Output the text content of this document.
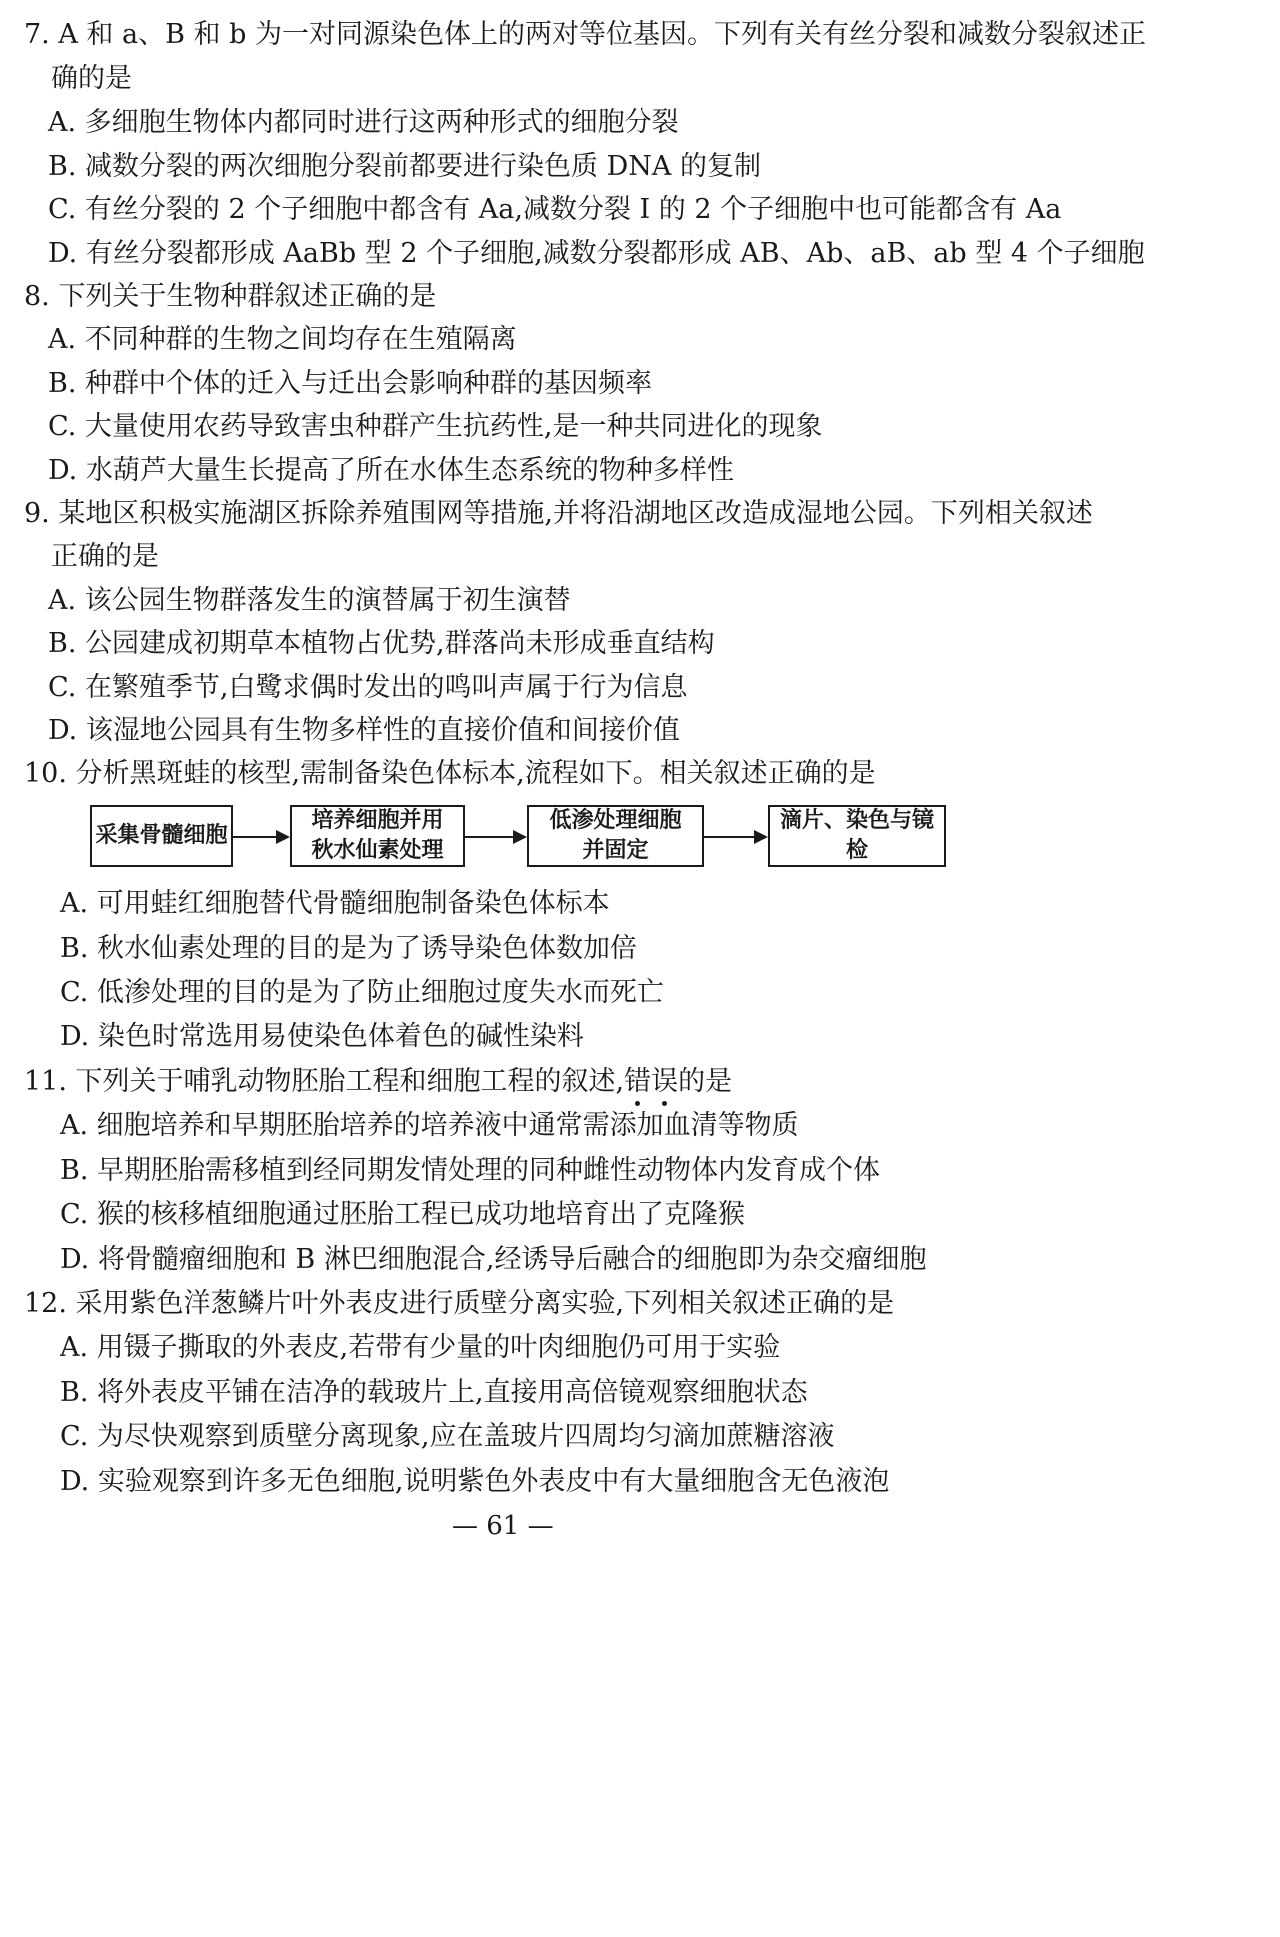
7. A 和 a、B 和 b 为一对同源染色体上的两对等位基因。下列有关有丝分裂和减数分裂叙述正
确的是
A. 多细胞生物体内都同时进行这两种形式的细胞分裂
B. 减数分裂的两次细胞分裂前都要进行染色质 DNA 的复制
C. 有丝分裂的 2 个子细胞中都含有 Aa,减数分裂 I 的 2 个子细胞中也可能都含有 Aa
D. 有丝分裂都形成 AaBb 型 2 个子细胞,减数分裂都形成 AB、Ab、aB、ab 型 4 个子细胞
8. 下列关于生物种群叙述正确的是
A. 不同种群的生物之间均存在生殖隔离
B. 种群中个体的迁入与迁出会影响种群的基因频率
C. 大量使用农药导致害虫种群产生抗药性,是一种共同进化的现象
D. 水葫芦大量生长提高了所在水体生态系统的物种多样性
9. 某地区积极实施湖区拆除养殖围网等措施,并将沿湖地区改造成湿地公园。下列相关叙述
正确的是
A. 该公园生物群落发生的演替属于初生演替
B. 公园建成初期草本植物占优势,群落尚未形成垂直结构
C. 在繁殖季节,白鹭求偶时发出的鸣叫声属于行为信息
D. 该湿地公园具有生物多样性的直接价值和间接价值
10. 分析黑斑蛙的核型,需制备染色体标本,流程如下。相关叙述正确的是
采集骨髓细胞
培养细胞并用
秋水仙素处理
低渗处理细胞
并固定
滴片、染色与镜检
A. 可用蛙红细胞替代骨髓细胞制备染色体标本
B. 秋水仙素处理的目的是为了诱导染色体数加倍
C. 低渗处理的目的是为了防止细胞过度失水而死亡
D. 染色时常选用易使染色体着色的碱性染料
11. 下列关于哺乳动物胚胎工程和细胞工程的叙述,错误
的是
A. 细胞培养和早期胚胎培养的培养液中通常需添加血清等物质
B. 早期胚胎需移植到经同期发情处理的同种雌性动物体内发育成个体
C. 猴的核移植细胞通过胚胎工程已成功地培育出了克隆猴
D. 将骨髓瘤细胞和 B 淋巴细胞混合,经诱导后融合的细胞即为杂交瘤细胞
12. 采用紫色洋葱鳞片叶外表皮进行质壁分离实验,下列相关叙述正确的是
A. 用镊子撕取的外表皮,若带有少量的叶肉细胞仍可用于实验
B. 将外表皮平铺在洁净的载玻片上,直接用高倍镜观察细胞状态
C. 为尽快观察到质壁分离现象,应在盖玻片四周均匀滴加蔗糖溶液
D. 实验观察到许多无色细胞,说明紫色外表皮中有大量细胞含无色液泡
— 61 —
